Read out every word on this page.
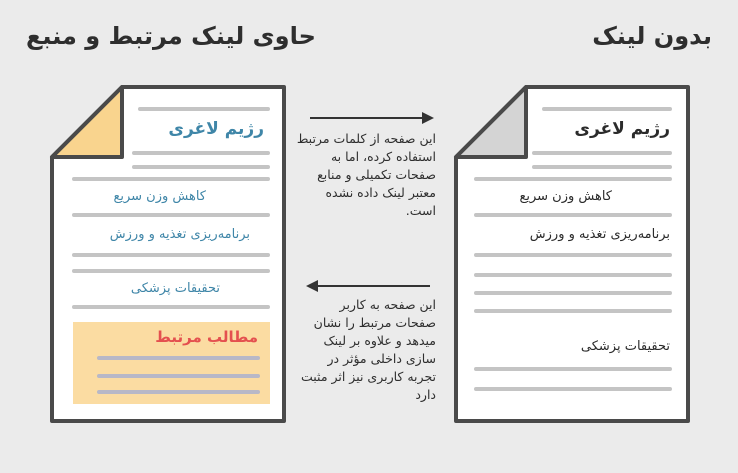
حاوی لینک مرتبط و منبع	بدون لینک
رژیم لاغری
کاهش وزن سریع
برنامه‌ریزی تغذیه و ورزش
تحقیقات پزشکی
مطالب مرتبط
رژیم لاغری
کاهش وزن سریع
برنامه‌ریزی تغذیه و ورزش
تحقیقات پزشکی
این صفحه از کلمات مرتبط استفاده کرده، اما به صفحات تکمیلی و منابع معتبر لینک داده نشده است.
این صفحه به کاربر صفحات مرتبط را نشان میدهد و علاوه بر لینک سازی داخلی مؤثر در تجربه کاربری نیز اثر مثبت دارد
